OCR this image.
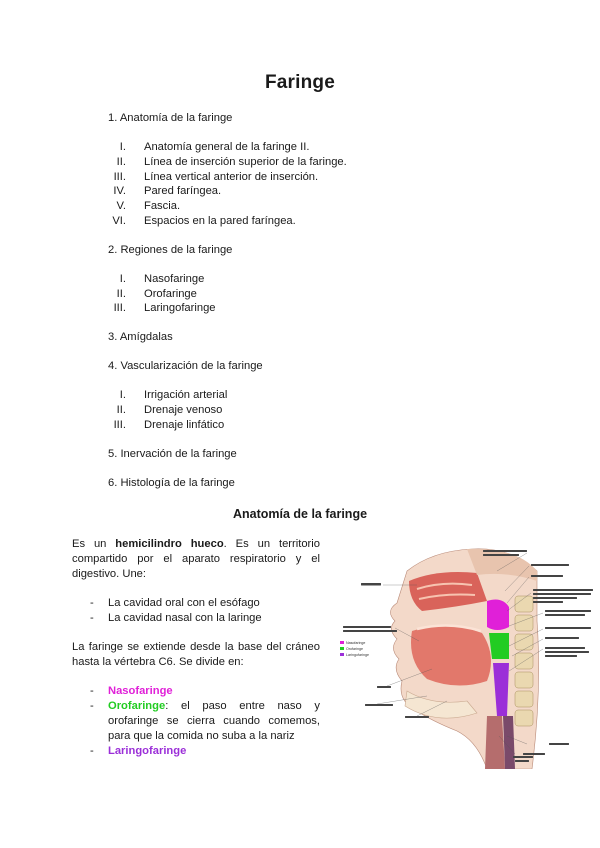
Faringe
1. Anatomía de la faringe
I. Anatomía general de la faringe II.
II. Línea de inserción superior de la faringe.
III. Línea vertical anterior de inserción.
IV. Pared faríngea.
V. Fascia.
VI. Espacios en la pared faríngea.
2. Regiones de la faringe
I. Nasofaringe
II. Orofaringe
III. Laringofaringe
3. Amígdalas
4. Vascularización de la faringe
I. Irrigación arterial
II. Drenaje venoso
III. Drenaje linfático
5. Inervación de la faringe
6. Histología de la faringe
Anatomía de la faringe
Es un hemicilindro hueco. Es un territorio compartido por el aparato respiratorio y el digestivo. Une:
- La cavidad oral con el esófago
- La cavidad nasal con la laringe
La faringe se extiende desde la base del cráneo hasta la vértebra C6. Se divide en:
- Nasofaringe
- Orofaringe: el paso entre naso y orofaringe se cierra cuando comemos, para que la comida no suba a la nariz
- Laringofaringe
Nasofaringe
Orofaringe
Laringofaringe
